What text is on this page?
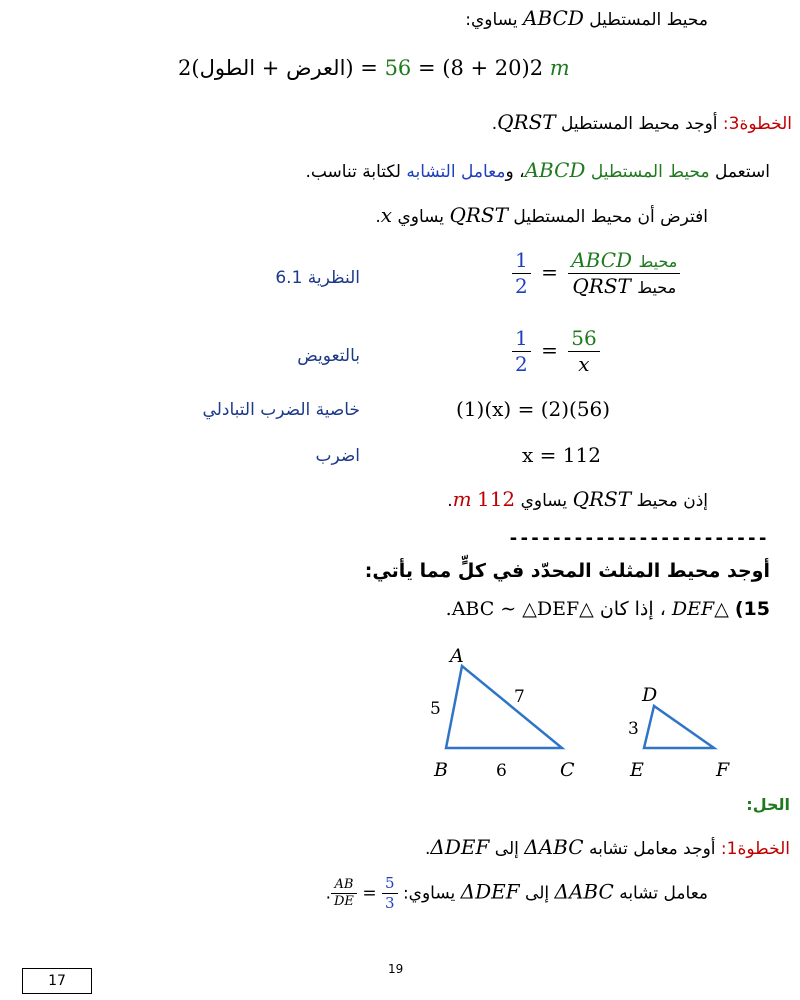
محيط المستطيل ABCD يساوي:
2(العرض + الطول) = 2(20 + 8) = 56	m
الخطوة3: أوجد محيط المستطيل QRST.
استعمل محيط المستطيل ABCD، ومعامل التشابه لكتابة تناسب.
افترض أن محيط المستطيل QRST يساوي x.
النظرية 6.1	$\frac{1}{2} = \frac{\text{محيط ABCD}}{\text{محيط QRST}}$
بالتعويض	$\frac{1}{2} = \frac{56}{x}$
خاصية الضرب التبادلي	(1)(x) = (2)(56)
اضرب	x = 112
إذن محيط QRST يساوي 112 m.
------------------------
أوجد محيط المثلث المحدّد في كلٍّ مما يأتي:
15) △DEF ، إذا كان △ABC ∼ △DEF.
A
B	C
D
E	F
5
7
6
3
الحل:
الخطوة1: أوجد معامل تشابه ΔABC إلى ΔDEF.
معامل تشابه ΔABC إلى ΔDEF يساوي:
$\frac{AB}{DE} = \frac{5}{3}$
.
19
17
